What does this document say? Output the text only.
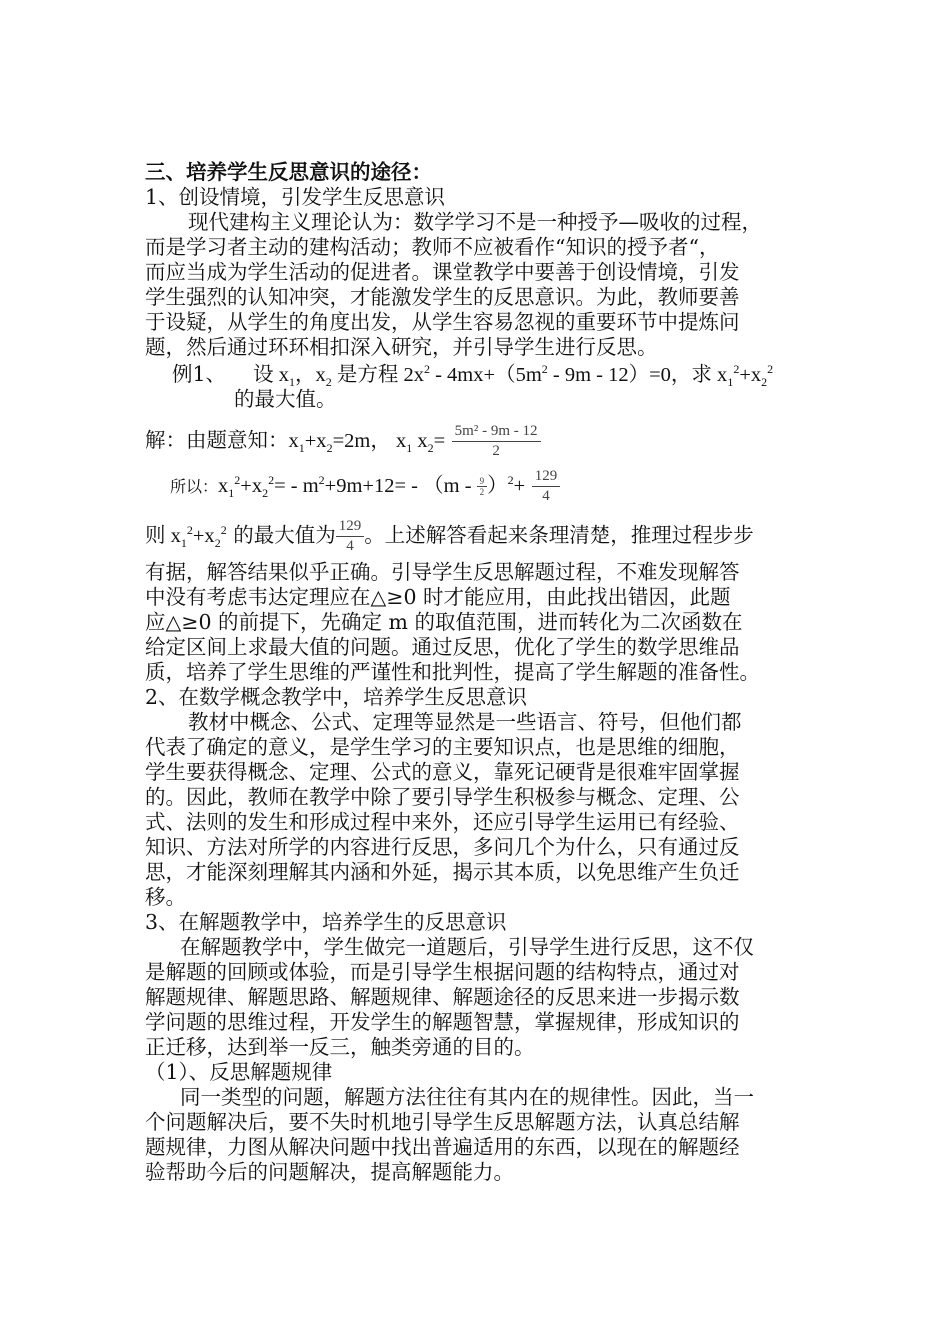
三、培养学生反思意识的途径：
1、创设情境，引发学生反思意识
现代建构主义理论认为：数学学习不是一种授予—吸收的过程，
而是学习者主动的建构活动；教师不应被看作“知识的授予者“，
而应当成为学生活动的促进者。课堂教学中要善于创设情境，引发
学生强烈的认知冲突，才能激发学生的反思意识。为此，教师要善
于设疑，从学生的角度出发，从学生容易忽视的重要环节中提炼问
题，然后通过环环相扣深入研究，并引导学生进行反思。
例1、 设 $x_1$，$x_2$ 是方程 $2x^2 - 4mx+(5m^2 - 9m - 12)=0$，求 $x_1^2+x_2^2$
的最大值。
解：由题意知：$x_1+x_2=2m$， $x_1$ $x_2= \frac{\text{5m² - 9m - 12}}{2}$
所以：$x_1^2+x_2^2= - m^2+9m+12= - (m - \frac{9}{2} )^2+ \frac{129}{4}$
则 $x_1^2+x_2^2$ 的最大值为 $\frac{129}{4}$ 。上述解答看起来条理清楚，推理过程步步
有据，解答结果似乎正确。引导学生反思解题过程，不难发现解答
中没有考虑韦达定理应在△≥0 时才能应用，由此找出错因，此题
应△≥0 的前提下，先确定 m 的取值范围，进而转化为二次函数在
给定区间上求最大值的问题。通过反思，优化了学生的数学思维品
质，培养了学生思维的严谨性和批判性，提高了学生解题的准备性。
2、在数学概念教学中，培养学生反思意识
教材中概念、公式、定理等显然是一些语言、符号，但他们都
代表了确定的意义，是学生学习的主要知识点，也是思维的细胞，
学生要获得概念、定理、公式的意义，靠死记硬背是很难牢固掌握
的。因此，教师在教学中除了要引导学生积极参与概念、定理、公
式、法则的发生和形成过程中来外，还应引导学生运用已有经验、
知识、方法对所学的内容进行反思，多问几个为什么，只有通过反
思，才能深刻理解其内涵和外延，揭示其本质，以免思维产生负迁
移。
3、在解题教学中，培养学生的反思意识
在解题教学中，学生做完一道题后，引导学生进行反思，这不仅
是解题的回顾或体验，而是引导学生根据问题的结构特点，通过对
解题规律、解题思路、解题规律、解题途径的反思来进一步揭示数
学问题的思维过程，开发学生的解题智慧，掌握规律，形成知识的
正迁移，达到举一反三，触类旁通的目的。
（1）、反思解题规律
同一类型的问题，解题方法往往有其内在的规律性。因此，当一
个问题解决后，要不失时机地引导学生反思解题方法，认真总结解
题规律，力图从解决问题中找出普遍适用的东西，以现在的解题经
验帮助今后的问题解决，提高解题能力。
